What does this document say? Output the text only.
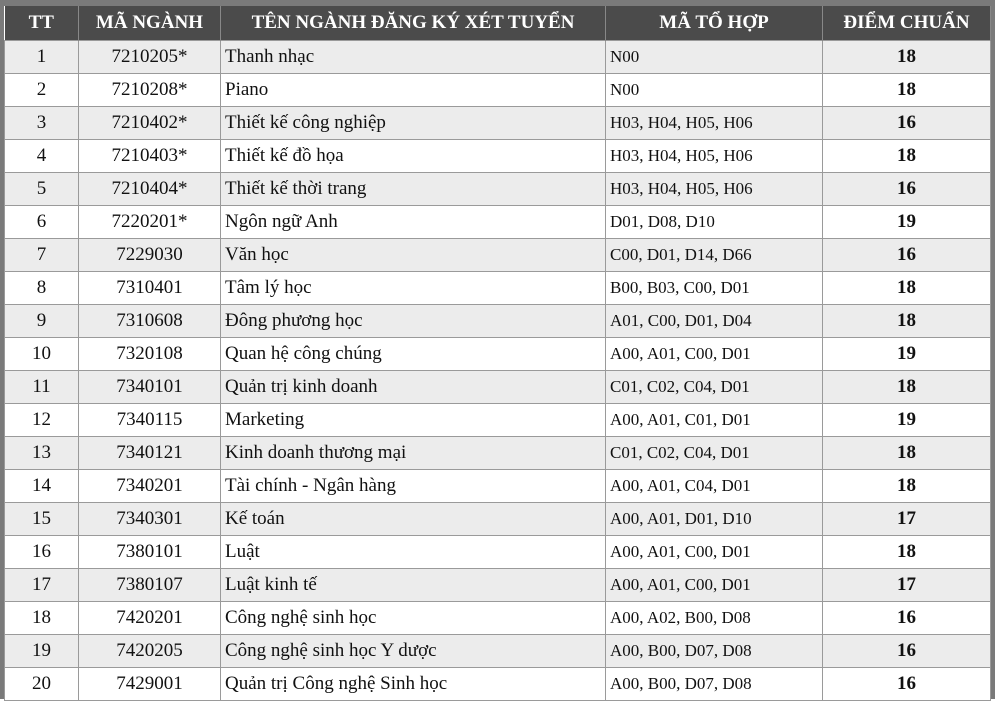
TT	MÃ NGÀNH	TÊN NGÀNH ĐĂNG KÝ XÉT TUYỂN	MÃ TỔ HỢP	ĐIỂM CHUẨN
1	7210205*	Thanh nhạc	N00	18
2	7210208*	Piano	N00	18
3	7210402*	Thiết kế công nghiệp	H03, H04, H05, H06	16
4	7210403*	Thiết kế đồ họa	H03, H04, H05, H06	18
5	7210404*	Thiết kế thời trang	H03, H04, H05, H06	16
6	7220201*	Ngôn ngữ Anh	D01, D08, D10	19
7	7229030	Văn học	C00, D01, D14, D66	16
8	7310401	Tâm lý học	B00, B03, C00, D01	18
9	7310608	Đông phương học	A01, C00, D01, D04	18
10	7320108	Quan hệ công chúng	A00, A01, C00, D01	19
11	7340101	Quản trị kinh doanh	C01, C02, C04, D01	18
12	7340115	Marketing	A00, A01, C01, D01	19
13	7340121	Kinh doanh thương mại	C01, C02, C04, D01	18
14	7340201	Tài chính - Ngân hàng	A00, A01, C04, D01	18
15	7340301	Kế toán	A00, A01, D01, D10	17
16	7380101	Luật	A00, A01, C00, D01	18
17	7380107	Luật kinh tế	A00, A01, C00, D01	17
18	7420201	Công nghệ sinh học	A00, A02, B00, D08	16
19	7420205	Công nghệ sinh học Y dược	A00, B00, D07, D08	16
20	7429001	Quản trị Công nghệ Sinh học	A00, B00, D07, D08	16
